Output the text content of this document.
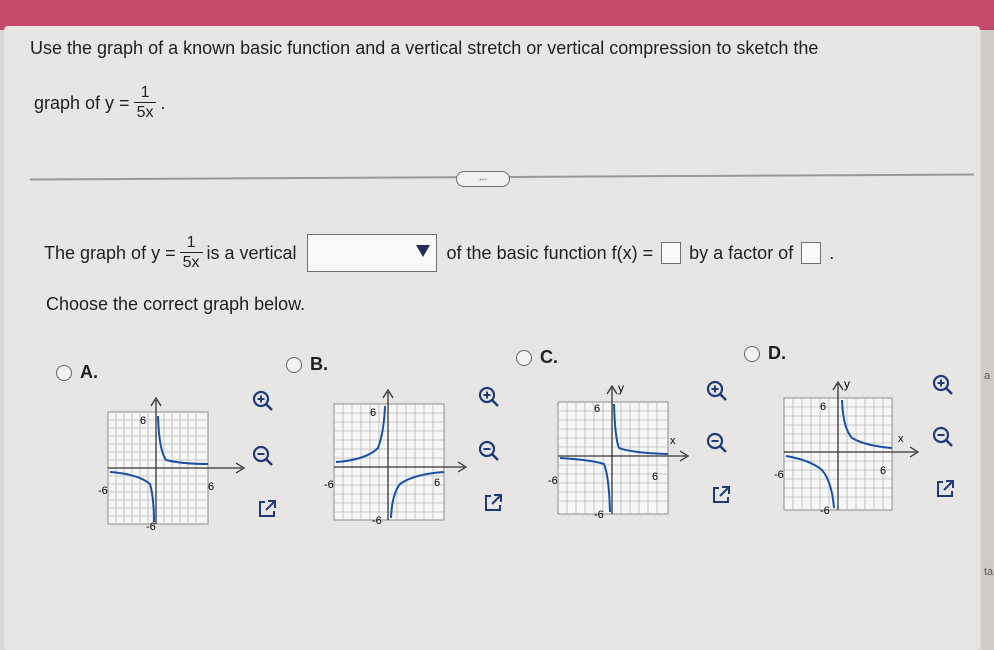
a
ta
Use the graph of a known basic function and a vertical stretch or vertical compression to sketch the
graph of $y = \frac{1}{5x}$ .
...
The graph of $y = \frac{1}{5x}$ is a vertical	of the basic function f(x) = by a factor of .
Choose the correct graph below.
A.	B.	C.	D.
6
-6	6
-6
6
-6	6
-6
6
y
x
-6	6
-6
6
y
x
-6	6
-6
